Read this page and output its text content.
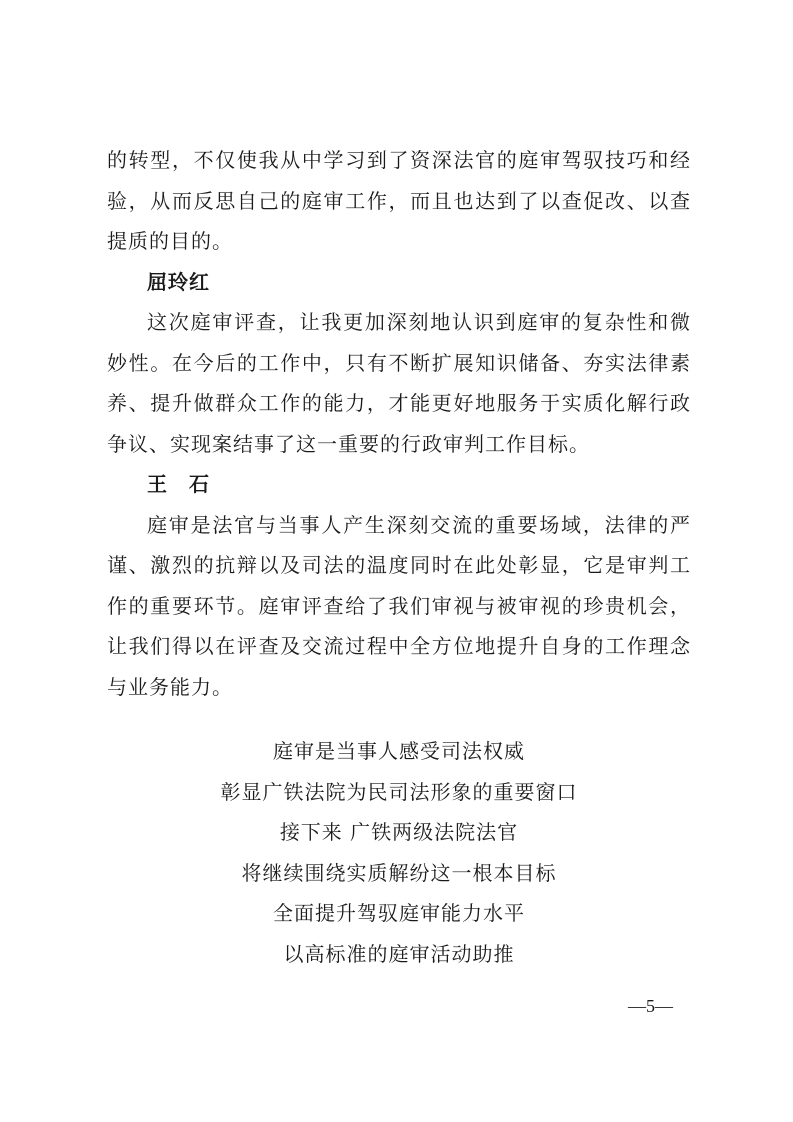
的转型，不仅使我从中学习到了资深法官的庭审驾驭技巧和经验，从而反思自己的庭审工作，而且也达到了以查促改、以查提质的目的。

屈玲红

这次庭审评查，让我更加深刻地认识到庭审的复杂性和微妙性。在今后的工作中，只有不断扩展知识储备、夯实法律素养、提升做群众工作的能力，才能更好地服务于实质化解行政争议、实现案结事了这一重要的行政审判工作目标。

王　石

庭审是法官与当事人产生深刻交流的重要场域，法律的严谨、激烈的抗辩以及司法的温度同时在此处彰显，它是审判工作的重要环节。庭审评查给了我们审视与被审视的珍贵机会，让我们得以在评查及交流过程中全方位地提升自身的工作理念与业务能力。

庭审是当事人感受司法权威
彰显广铁法院为民司法形象的重要窗口
接下来 广铁两级法院法官
将继续围绕实质解纷这一根本目标
全面提升驾驭庭审能力水平
以高标准的庭审活动助推
—5—
